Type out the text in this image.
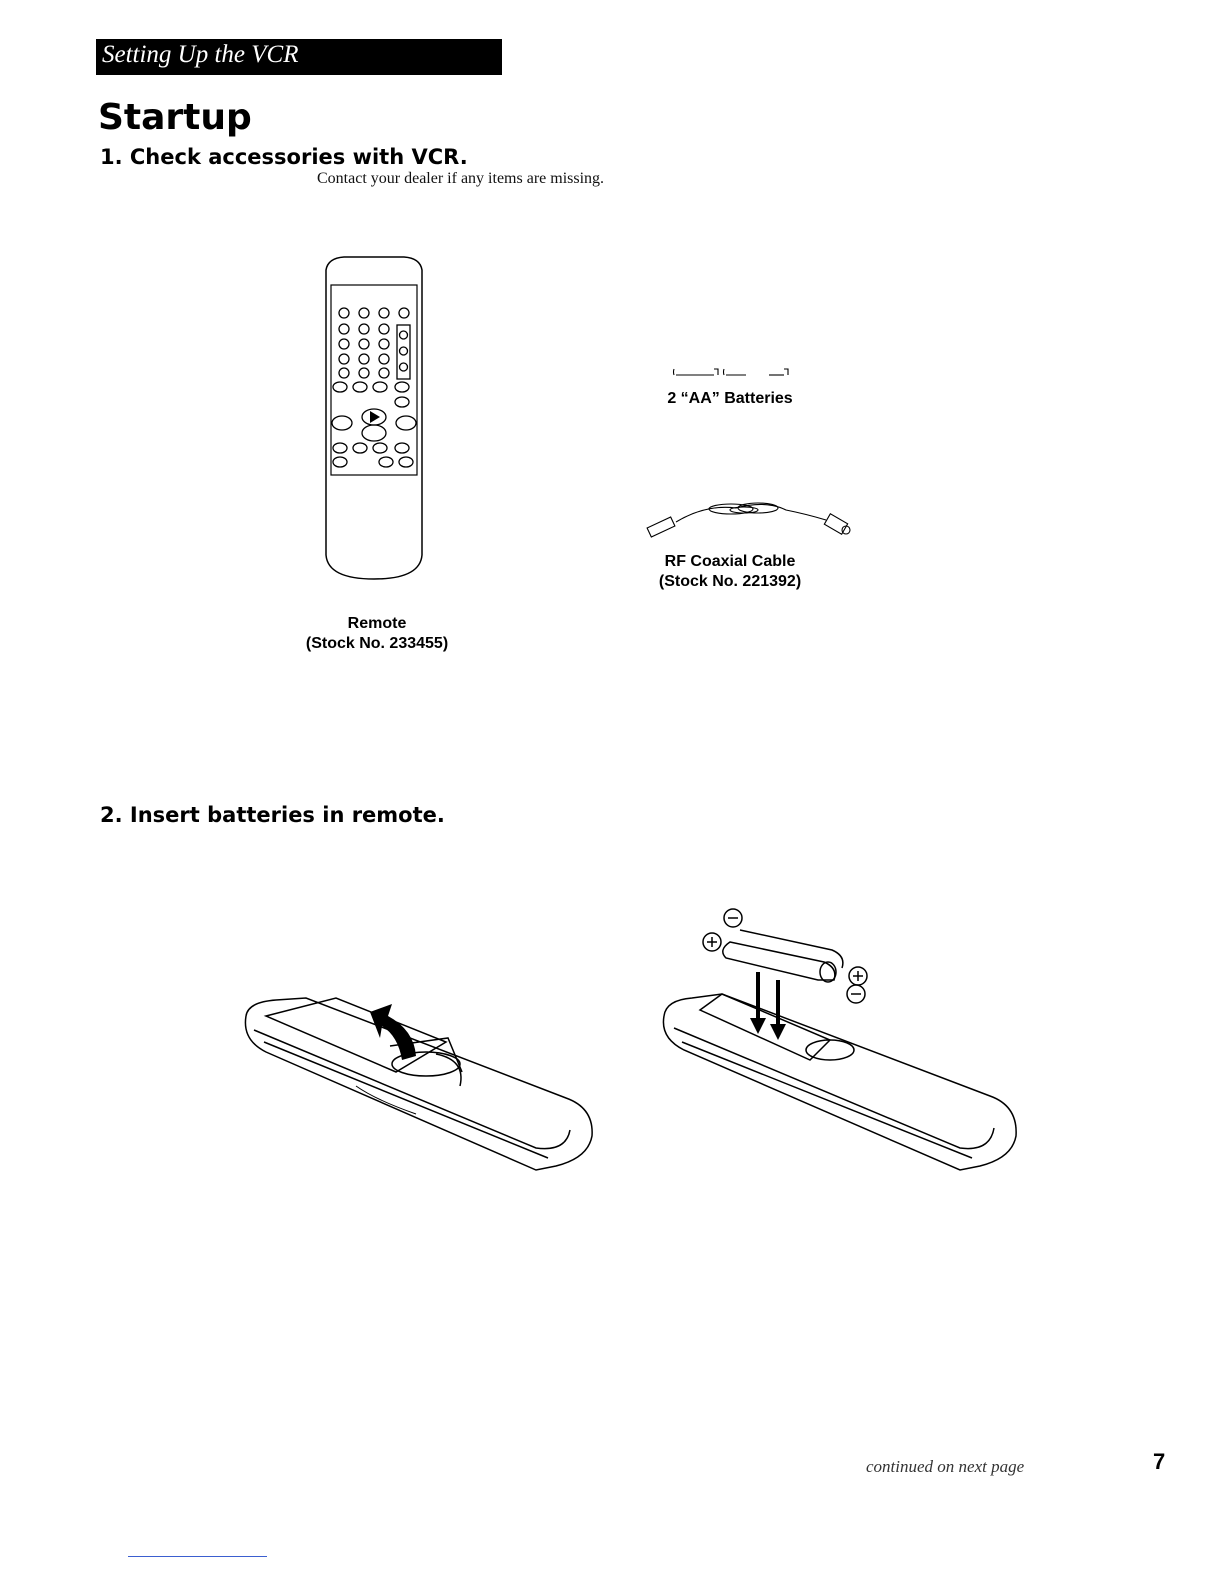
Setting Up the VCR
Startup
1. Check accessories with VCR.
Contact your dealer if any items are missing.
Remote
(Stock No. 233455)
2 “AA” Batteries
RF Coaxial Cable
(Stock No. 221392)
2. Insert batteries in remote.
continued on next page	7
